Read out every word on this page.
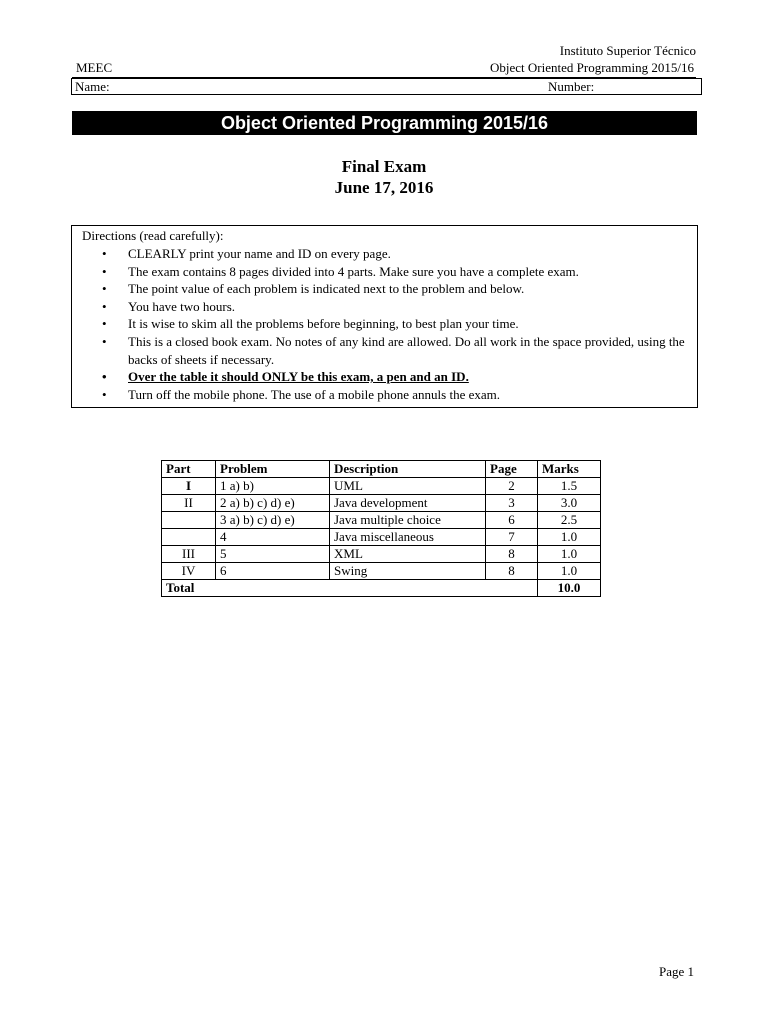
Instituto Superior Técnico
MEEC	Object Oriented Programming 2015/16
Name:	Number:
Object Oriented Programming 2015/16
Final Exam
June 17, 2016
Directions (read carefully):
• CLEARLY print your name and ID on every page.
• The exam contains 8 pages divided into 4 parts. Make sure you have a complete exam.
• The point value of each problem is indicated next to the problem and below.
• You have two hours.
• It is wise to skim all the problems before beginning, to best plan your time.
• This is a closed book exam. No notes of any kind are allowed. Do all work in the space provided, using the backs of sheets if necessary.
• Over the table it should ONLY be this exam, a pen and an ID.
• Turn off the mobile phone. The use of a mobile phone annuls the exam.
Part	Problem	Description	Page	Marks
I	1 a) b)	UML	2	1.5
II	2 a) b) c) d) e)	Java development	3	3.0
	3 a) b) c) d) e)	Java multiple choice	6	2.5
	4	Java miscellaneous	7	1.0
III	5	XML	8	1.0
IV	6	Swing	8	1.0
Total				10.0
Page 1
